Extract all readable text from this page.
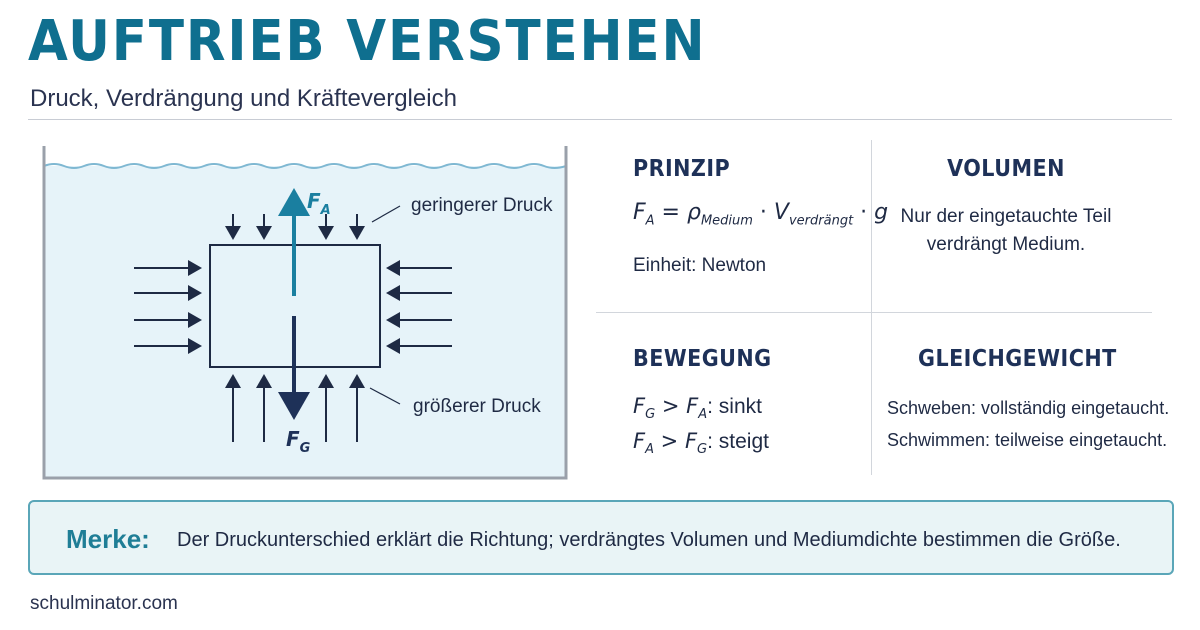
AUFTRIEB VERSTEHEN
Druck, Verdrängung und Kräftevergleich
$F_A$
$F_G$
geringerer Druck
größerer Druck
PRINZIP
$F_A = \rho_{Medium} \cdot V_{verdrängt} \cdot g$
Einheit: Newton
VOLUMEN
Nur der eingetauchte Teil
verdrängt Medium.
BEWEGUNG
$F_G > F_A$: sinkt
$F_A > F_G$: steigt
GLEICHGEWICHT
Schweben: vollständig eingetaucht.
Schwimmen: teilweise eingetaucht.
Merke: Der Druckunterschied erklärt die Richtung; verdrängtes Volumen und Mediumdichte bestimmen die Größe.
schulminator.com
